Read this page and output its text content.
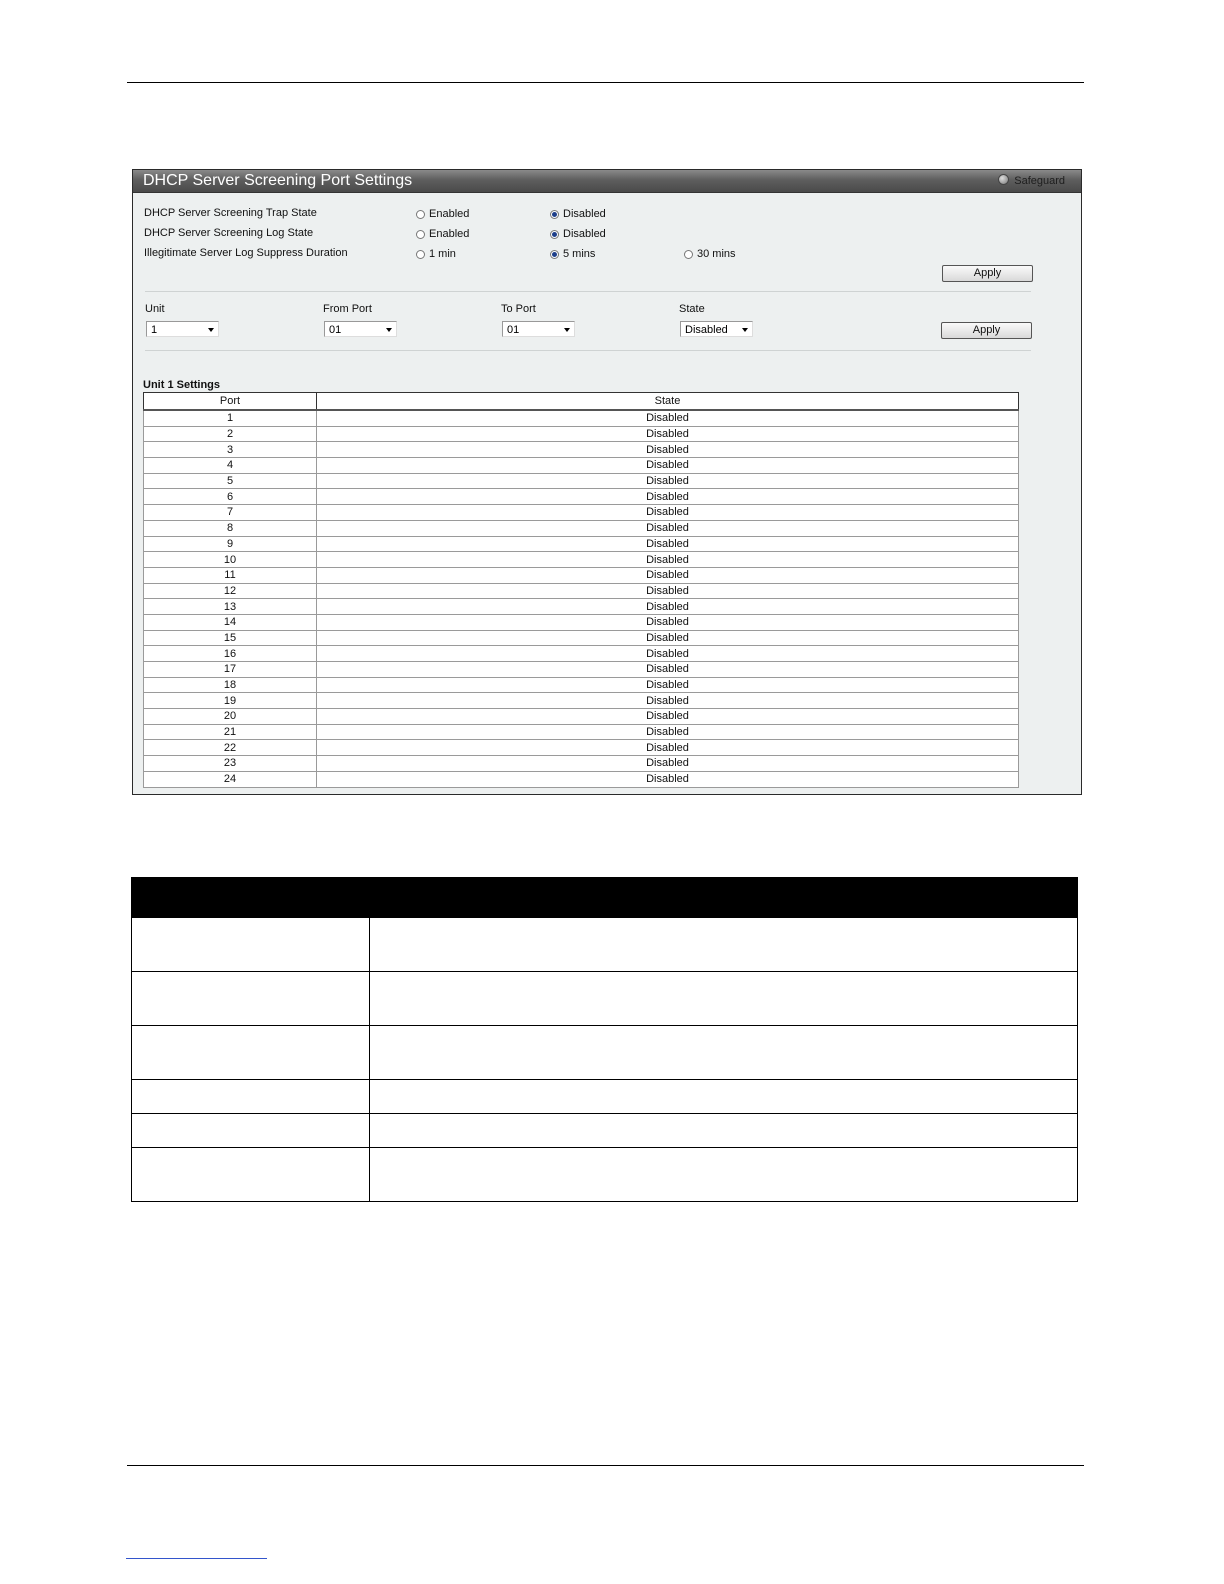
DHCP Server Screening Port Settings	Safeguard
DHCP Server Screening Trap State	Enabled	Disabled
DHCP Server Screening Log State	Enabled	Disabled
Illegitimate Server Log Suppress Duration	1 min	5 mins	30 mins
Apply
Unit	From Port	To Port	State
1	01	01	Disabled	Apply
Unit 1 Settings
Port	State
1	Disabled
2	Disabled
3	Disabled
4	Disabled
5	Disabled
6	Disabled
7	Disabled
8	Disabled
9	Disabled
10	Disabled
11	Disabled
12	Disabled
13	Disabled
14	Disabled
15	Disabled
16	Disabled
17	Disabled
18	Disabled
19	Disabled
20	Disabled
21	Disabled
22	Disabled
23	Disabled
24	Disabled
